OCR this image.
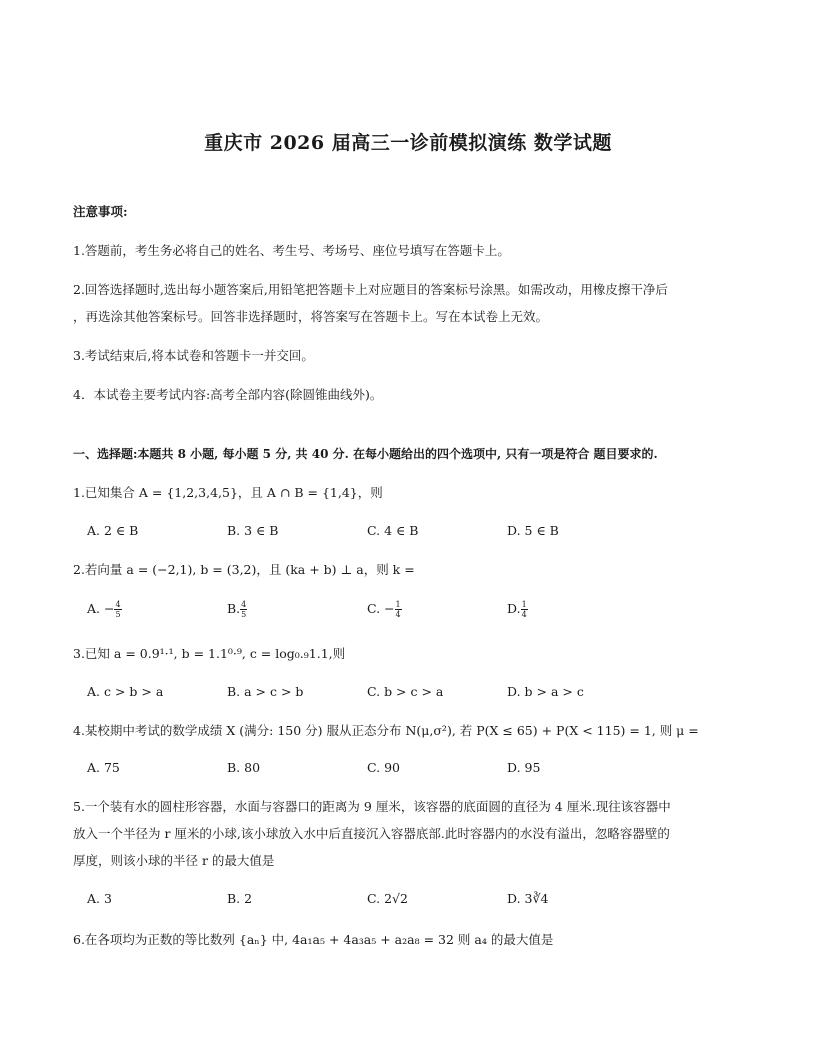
重庆市 2026 届高三一诊前模拟演练 数学试题
注意事项:
1.答题前，考生务必将自己的姓名、考生号、考场号、座位号填写在答题卡上。
2.回答选择题时,选出每小题答案后,用铅笔把答题卡上对应题目的答案标号涂黑。如需改动，用橡皮擦干净后
，再选涂其他答案标号。回答非选择题时，将答案写在答题卡上。写在本试卷上无效。
3.考试结束后,将本试卷和答题卡一并交回。
4．本试卷主要考试内容:高考全部内容(除圆锥曲线外)。
一、选择题:本题共 8 小题, 每小题 5 分, 共 40 分. 在每小题给出的四个选项中, 只有一项是符合 题目要求的.
1.已知集合 A = {1,2,3,4,5}，且 A ∩ B = {1,4}，则
A. 2 ∈ B	B. 3 ∈ B	C. 4 ∈ B	D. 5 ∈ B
2.若向量 a = (−2,1), b = (3,2)，且 (ka + b) ⊥ a，则 k =
A. − $\frac{4}{5}$	B. $\frac{4}{5}$	C. − $\frac{1}{4}$	D. $\frac{1}{4}$
3.已知 a = 0.9¹·¹, b = 1.1⁰·⁹, c = log₀.₉1.1,则
A. c > b > a	B. a > c > b	C. b > c > a	D. b > a > c
4.某校期中考试的数学成绩 X (满分: 150 分) 服从正态分布 N(μ,σ²), 若 P(X ≤ 65) + P(X < 115) = 1, 则 μ =
A. 75	B. 80	C. 90	D. 95
5.一个装有水的圆柱形容器，水面与容器口的距离为 9 厘米，该容器的底面圆的直径为 4 厘米.现往该容器中
放入一个半径为 r 厘米的小球,该小球放入水中后直接沉入容器底部.此时容器内的水没有溢出，忽略容器壁的
厚度，则该小球的半径 r 的最大值是
A. 3	B. 2	C. 2√2	D. 3∛4
6.在各项均为正数的等比数列 {aₙ} 中, 4a₁a₅ + 4a₃a₅ + a₂a₈ = 32 则 a₄ 的最大值是
